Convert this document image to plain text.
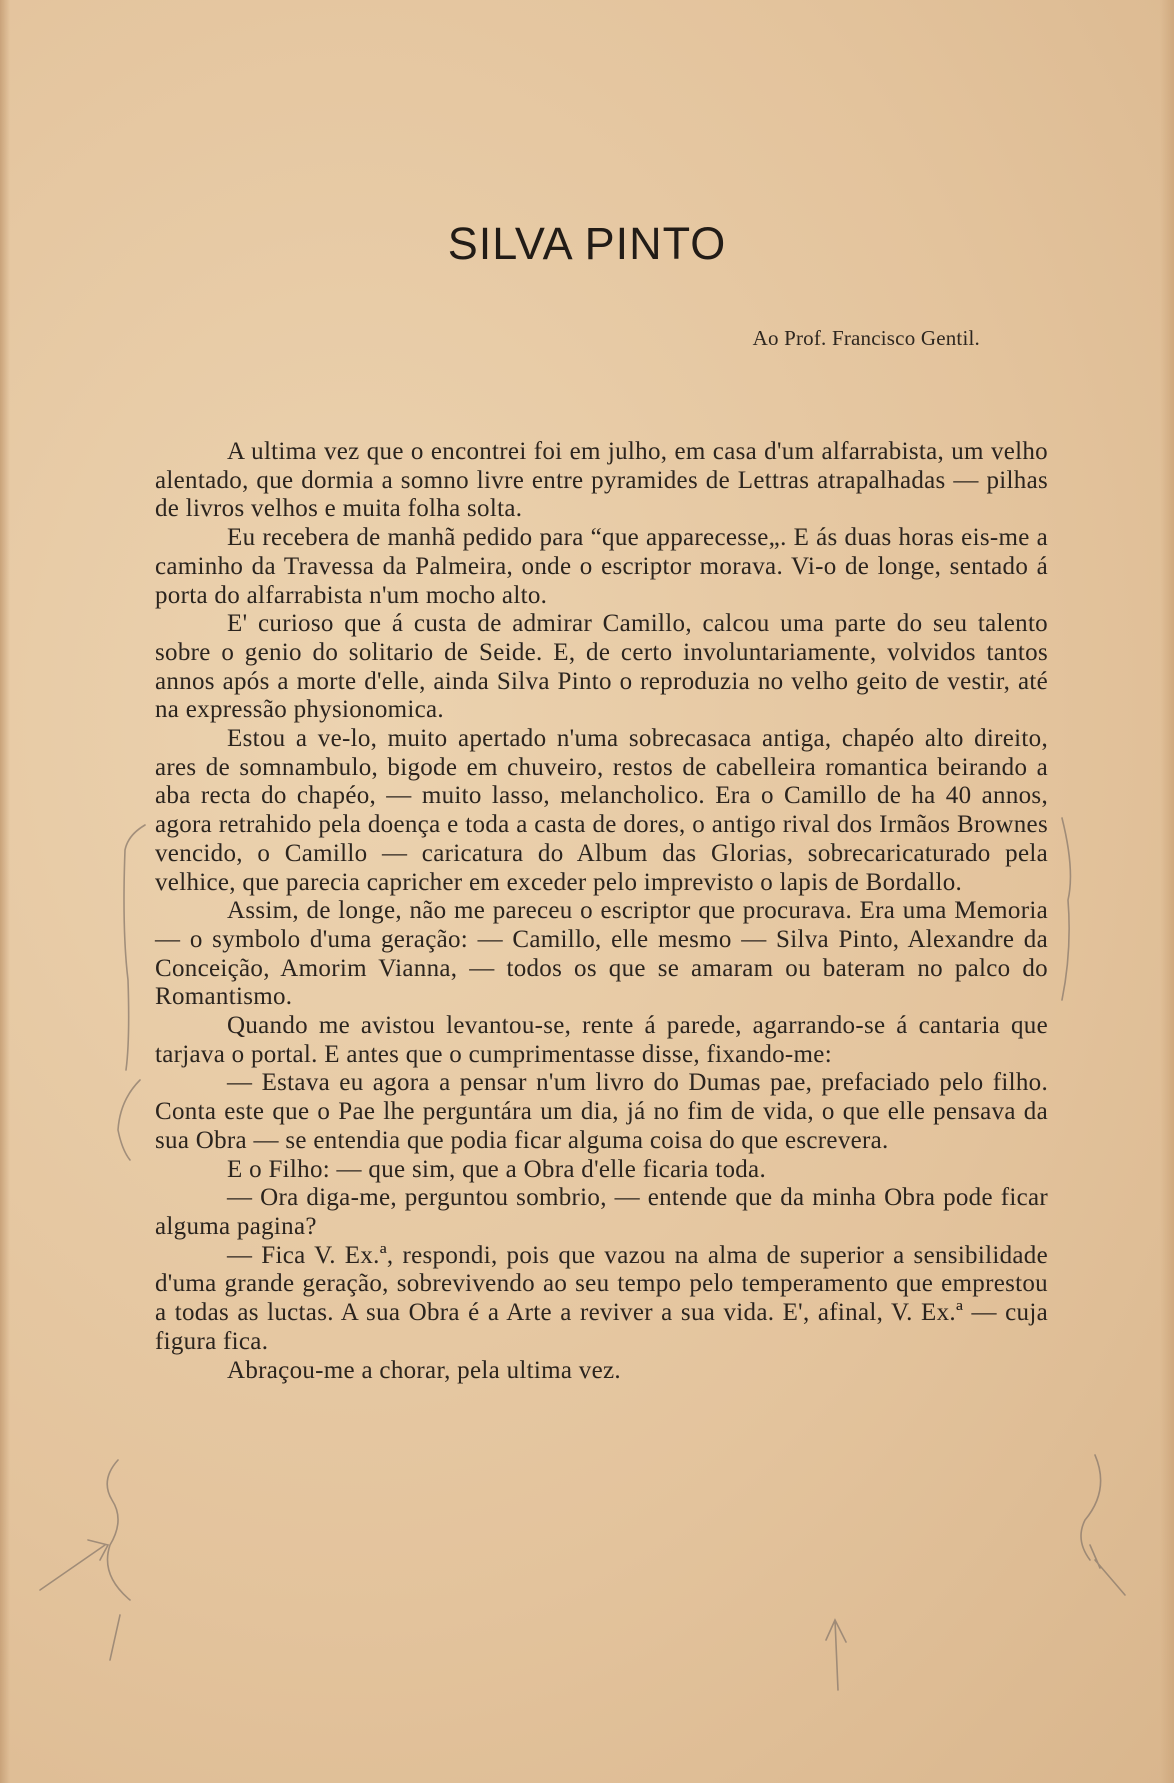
SILVA PINTO
Ao Prof. Francisco Gentil.

A ultima vez que o encontrei foi em julho, em casa d'um alfarrabista, um velho alentado, que dormia a somno livre entre pyramides de Lettras atrapalhadas — pilhas de livros velhos e muita folha solta.

Eu recebera de manhã pedido para “que apparecesse„. E ás duas horas eis-me a caminho da Travessa da Palmeira, onde o escriptor morava. Vi-o de longe, sentado á porta do alfarrabista n'um mocho alto.

E' curioso que á custa de admirar Camillo, calcou uma parte do seu talento sobre o genio do solitario de Seide. E, de certo involuntariamente, volvidos tantos annos após a morte d'elle, ainda Silva Pinto o reproduzia no velho geito de vestir, até na expressão physionomica.

Estou a ve-lo, muito apertado n'uma sobrecasaca antiga, chapéo alto direito, ares de somnambulo, bigode em chuveiro, restos de cabelleira romantica beirando a aba recta do chapéo, — muito lasso, melancholico. Era o Camillo de ha 40 annos, agora retrahido pela doença e toda a casta de dores, o antigo rival dos Irmãos Brownes vencido, o Camillo — caricatura do Album das Glorias, sobrecaricaturado pela velhice, que parecia capricher em exceder pelo imprevisto o lapis de Bordallo.

Assim, de longe, não me pareceu o escriptor que procurava. Era uma Memoria — o symbolo d'uma geração: — Camillo, elle mesmo — Silva Pinto, Alexandre da Conceição, Amorim Vianna, — todos os que se amaram ou bateram no palco do Romantismo.

Quando me avistou levantou-se, rente á parede, agarrando-se á cantaria que tarjava o portal. E antes que o cumprimentasse disse, fixando-me:

— Estava eu agora a pensar n'um livro do Dumas pae, prefaciado pelo filho. Conta este que o Pae lhe perguntára um dia, já no fim de vida, o que elle pensava da sua Obra — se entendia que podia ficar alguma coisa do que escrevera.

E o Filho: — que sim, que a Obra d'elle ficaria toda.

— Ora diga-me, perguntou sombrio, — entende que da minha Obra pode ficar alguma pagina?

— Fica V. Ex.ª, respondi, pois que vazou na alma de superior a sensibilidade d'uma grande geração, sobrevivendo ao seu tempo pelo temperamento que emprestou a todas as luctas. A sua Obra é a Arte a reviver a sua vida. E', afinal, V. Ex.ª — cuja figura fica.

Abraçou-me a chorar, pela ultima vez.
